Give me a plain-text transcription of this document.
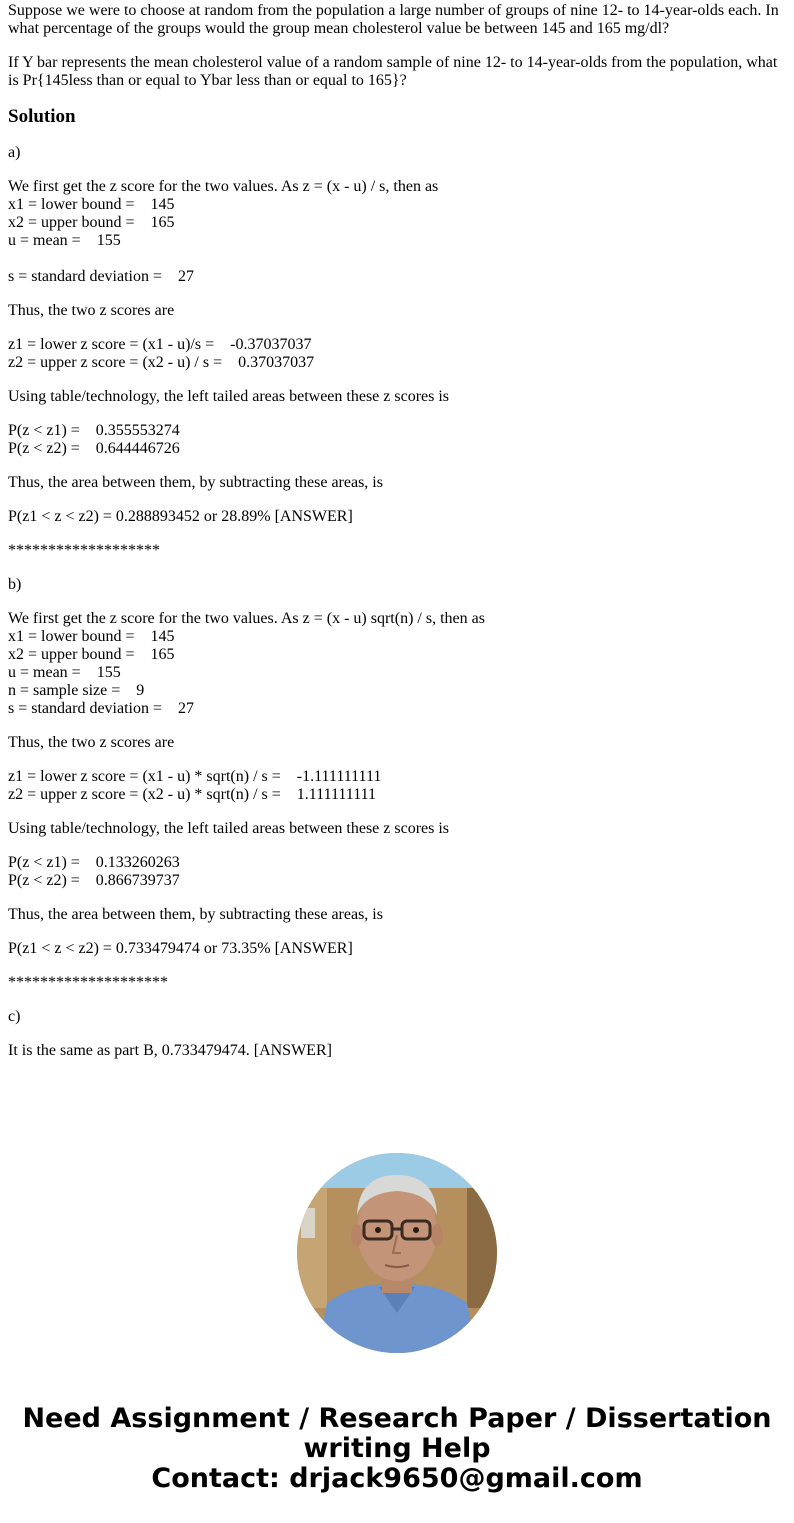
Suppose we were to choose at random from the population a large number of groups of nine 12- to 14-year-olds each. In what percentage of the groups would the group mean cholesterol value be between 145 and 165 mg/dl?

If Y bar represents the mean cholesterol value of a random sample of nine 12- to 14-year-olds from the population, what is Pr{145less than or equal to Ybar less than or equal to 165}?

Solution

a)

We first get the z score for the two values. As z = (x - u) / s, then as
x1 = lower bound =    145
x2 = upper bound =    165
u = mean =    155
s = standard deviation =    27

Thus, the two z scores are

z1 = lower z score = (x1 - u)/s =    -0.37037037
z2 = upper z score = (x2 - u) / s =    0.37037037

Using table/technology, the left tailed areas between these z scores is

P(z < z1) =    0.355553274
P(z < z2) =    0.644446726

Thus, the area between them, by subtracting these areas, is

P(z1 < z < z2) = 0.288893452 or 28.89% [ANSWER]

*******************

b)

We first get the z score for the two values. As z = (x - u) sqrt(n) / s, then as
x1 = lower bound =    145
x2 = upper bound =    165
u = mean =    155
n = sample size =    9
s = standard deviation =    27

Thus, the two z scores are

z1 = lower z score = (x1 - u) * sqrt(n) / s =    -1.111111111
z2 = upper z score = (x2 - u) * sqrt(n) / s =    1.111111111

Using table/technology, the left tailed areas between these z scores is

P(z < z1) =    0.133260263
P(z < z2) =    0.866739737

Thus, the area between them, by subtracting these areas, is

P(z1 < z < z2) = 0.733479474 or 73.35% [ANSWER]

********************

c)

It is the same as part B, 0.733479474. [ANSWER]

Need Assignment / Research Paper / Dissertation
writing Help
Contact: drjack9650@gmail.com
